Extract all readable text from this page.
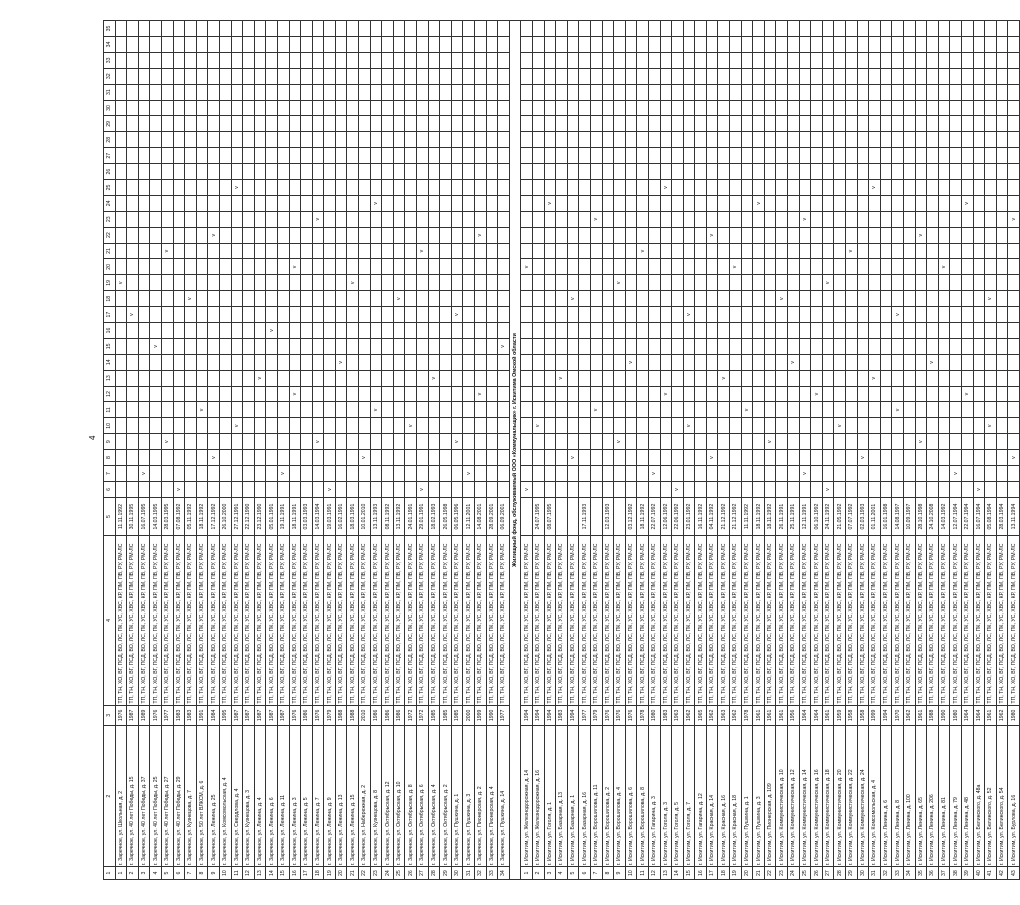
4
1	2	3	4	5	6	7	8	9	10	11	12	13	14	15	16	17	18	19	20	21	22	23	24	25	26	27	28	29	30	31	32	33	34	35
1	г. Заречное, ул. Школьная, д. 2	1976	ТП, ТН, ХО, ВГ, ПСД, ВО, ЛС, ПК, УС, ХВС, КР, ПМ, ПВ, РУ, РМ-ЛС	11.11.1992														v																
2	г. Заречное, ул. 40 лет Победы, д. 15	1987	ТП, ТН, ХО, ВГ, ПСД, ВО, ЛС, ПК, УС, ХВС, КР, ПМ, ПВ, РУ, РМ-ЛС	30.11.1995												v																		
3	г. Заречное, ул. 40 лет Победы, д. 37	1989	ТП, ТН, ХО, ВГ, ПСД, ВО, ЛС, ПК, УС, ХВС, КР, ПМ, ПВ, РУ, РМ-ЛС	16.07.1995		v																												
4	г. Заречное, ул. 40 лет Победы, д. 25	1976	ТП, ТН, ХО, ВГ, ПСД, ВО, ЛС, ПК, УС, ХВС, КР, ПМ, ПВ, РУ, РМ-ЛС	14.03.1995										v																				
5	г. Заречное, ул. 40 лет Победы, д. 27	1977	ТП, ТН, ХО, ВГ, ПСД, ВО, ЛС, ПК, УС, ХВС, КР, ПМ, ПВ, РУ, РМ-ЛС	28.03.1995				v												v														
6	г. Заречное, ул. 40 лет Победы, д. 29	1983	ТП, ТН, ХО, ВГ, ПСД, ВО, ЛС, ПК, УС, ХВС, КР, ПМ, ПВ, РУ, РМ-ЛС	07.08.1992	v																													
7	г. Заречное, ул. Кузнецова, д. 7	1983	ТП, ТН, ХО, ВГ, ПСД, ВО, ЛС, ПК, УС, ХВС, КР, ПМ, ПВ, РУ, РМ-ЛС	05.11.1992													v																	
8	г. Заречное, ул. 50 лет ВЛКСМ, д. 6	1991	ТП, ТН, ХО, ВГ, ПСД, ВО, ЛС, ПК, УС, ХВС, КР, ПМ, ПВ, РУ, РМ-ЛС	18.11.1992						v																								
9	г. Заречное, ул. Ленина, д. 25	1984	ТП, ТН, ХО, ВГ, ПСД, ВО, ЛС, ПК, УС, ХВС, КР, ПМ, ПВ, РУ, РМ-ЛС	17.12.1992			v														v													
10	г. Заречное, ул. Комсомольская, д. 4	1995	ТП, ТН, ХО, ВГ, ПСД, ВО, ЛС, ПК, УС, ХВС, КР, ПМ, ПВ, РУ, РМ-ЛС	26.10.2000																														
11	г. Заречное, ул. Свердлова, д. 4	1987	ТП, ТН, ХО, ВГ, ПСД, ВО, ЛС, ПК, УС, ХВС, КР, ПМ, ПВ, РУ, РМ-ЛС	27.12.1991					v															v										
12	г. Заречное, ул. Кузнецова, д. 3	1987	ТП, ТН, ХО, ВГ, ПСД, ВО, ЛС, ПК, УС, ХВС, КР, ПМ, ПВ, РУ, РМ-ЛС	22.12.1990																														
13	г. Заречное, ул. Ленина, д. 4	1987	ТП, ТН, ХО, ВГ, ПСД, ВО, ЛС, ПК, УС, ХВС, КР, ПМ, ПВ, РУ, РМ-ЛС	23.12.1990								v																						
14	г. Заречное, ул. Ленина, д. 6	1987	ТП, ТН, ХО, ВГ, ПСД, ВО, ЛС, ПК, УС, ХВС, КР, ПМ, ПВ, РУ, РМ-ЛС	05.01.1991											v																			
15	г. Заречное, ул. Ленина, д. 11	1987	ТП, ТН, ХО, ВГ, ПСД, ВО, ЛС, ПК, УС, ХВС, КР, ПМ, ПВ, РУ, РМ-ЛС	19.11.1991		v																												
16	г. Заречное, ул. Ленина, д. 3	1976	ТП, ТН, ХО, ВГ, ПСД, ВО, ЛС, ПК, УС, ХВС, КР, ПМ, ПВ, РУ, РМ-ЛС	18.11.1991							v								v															
17	г. Заречное, ул. Ленина, д. 5	1986	ТП, ТН, ХО, ВГ, ПСД, ВО, ЛС, ПК, УС, ХВС, КР, ПМ, ПВ, РУ, РМ-ЛС	03.03.1993																														
18	г. Заречное, ул. Ленина, д. 7	1976	ТП, ТН, ХО, ВГ, ПСД, ВО, ЛС, ПК, УС, ХВС, КР, ПМ, ПВ, РУ, РМ-ЛС	14.03.1994				v														v												
19	г. Заречное, ул. Ленина, д. 9	1979	ТП, ТН, ХО, ВГ, ПСД, ВО, ЛС, ПК, УС, ХВС, КР, ПМ, ПВ, РУ, РМ-ЛС	19.03.1991	v																													
20	г. Заречное, ул. Ленина, д. 13	1988	ТП, ТН, ХО, ВГ, ПСД, ВО, ЛС, ПК, УС, ХВС, КР, ПМ, ПВ, РУ, РМ-ЛС	16.02.1991									v																					
21	г. Заречное, ул. Ленина, д. 15	1988	ТП, ТН, ХО, ВГ, ПСД, ВО, ЛС, ПК, УС, ХВС, КР, ПМ, ПВ, РУ, РМ-ЛС	18.03.1991														v																
22	г. Заречное, ул. Набережная, д. 2	2010	ТП, ТН, ХО, ВГ, ПСД, ВО, ЛС, ПК, УС, ХВС, КР, ПМ, ПВ, РУ, РМ-ЛС	10.01.2010			v																											
23	г. Заречное, ул. Кузнецова, д. 8	1986	ТП, ТН, ХО, ВГ, ПСД, ВО, ЛС, ПК, УС, ХВС, КР, ПМ, ПВ, РУ, РМ-ЛС	13.11.1993						v													v											
24	г. Заречное, ул. Октябрьская, д. 12	1986	ТП, ТН, ХО, ВГ, ПСД, ВО, ЛС, ПК, УС, ХВС, КР, ПМ, ПВ, РУ, РМ-ЛС	08.11.1992																														
25	г. Заречное, ул. Октябрьская, д. 10	1986	ТП, ТН, ХО, ВГ, ПСД, ВО, ЛС, ПК, УС, ХВС, КР, ПМ, ПВ, РУ, РМ-ЛС	13.11.1992													v																	
26	г. Заречное, ул. Октябрьская, д. 8	1972	ТП, ТН, ХО, ВГ, ПСД, ВО, ЛС, ПК, УС, ХВС, КР, ПМ, ПВ, РУ, РМ-ЛС	24.01.1991					v																									
27	г. Заречное, ул. Октябрьская, д. 6	1972	ТП, ТН, ХО, ВГ, ПСД, ВО, ЛС, ПК, УС, ХВС, КР, ПМ, ПВ, РУ, РМ-ЛС	29.01.1991	v															v														
28	г. Заречное, ул. Октябрьская, д. 4	1985	ТП, ТН, ХО, ВГ, ПСД, ВО, ЛС, ПК, УС, ХВС, КР, ПМ, ПВ, РУ, РМ-ЛС	18.02.1993								v																						
29	г. Заречное, ул. Октябрьская, д. 2	1985	ТП, ТН, ХО, ВГ, ПСД, ВО, ЛС, ПК, УС, ХВС, КР, ПМ, ПВ, РУ, РМ-ЛС	26.05.1998																														
30	г. Заречное, ул. Пушкина, д. 1	1985	ТП, ТН, ХО, ВГ, ПСД, ВО, ЛС, ПК, УС, ХВС, КР, ПМ, ПВ, РУ, РМ-ЛС	06.05.1996				v								v																		
31	г. Заречное, ул. Пушкина, д. 3	2000	ТП, ТН, ХО, ВГ, ПСД, ВО, ЛС, ПК, УС, ХВС, КР, ПМ, ПВ, РУ, РМ-ЛС	12.11.2001		v																												
32	г. Заречное, ул. Пионерская, д. 2	1999	ТП, ТН, ХО, ВГ, ПСД, ВО, ЛС, ПК, УС, ХВС, КР, ПМ, ПВ, РУ, РМ-ЛС	14.08.2001							v										v													
33	г. Заречное, ул. Пионерская, д. 4	1990	ТП, ТН, ХО, ВГ, ПСД, ВО, ЛС, ПК, УС, ХВС, КР, ПМ, ПВ, РУ, РМ-ЛС	28.09.2001																														
34	г. Заречное, ул. Пушкина, д. 14	1977	ТП, ТН, ХО, ВГ, ПСД, ВО, ЛС, ПК, УС, ХВС, КР, ПМ, ПВ, РУ, РМ-ЛС	06.09.2001										v																				
Жилищный фонд, обслуживаемый ООО «Коммунальщик» г. Искитима Омской области																																		
1	г. Искитим, ул. Железнодорожная, д. 14	1994	ТП, ТН, ХО, ВГ, ПСД, ВО, ЛС, ПК, УС, ХВС, КР, ПМ, ПВ, РУ, РМ-ЛС		v														v															
2	г. Искитим, ул. Железнодорожная, д. 16	1994	ТП, ТН, ХО, ВГ, ПСД, ВО, ЛС, ПК, УС, ХВС, КР, ПМ, ПВ, РУ, РМ-ЛС	24.07.1995					v																									
3	г. Искитим, ул. Гоголя, д. 1	1994	ТП, ТН, ХО, ВГ, ПСД, ВО, ЛС, ПК, УС, ХВС, КР, ПМ, ПВ, РУ, РМ-ЛС	08.07.1995																			v											
4	г. Искитим, ул. Базарная, д. 13	1983	ТП, ТН, ХО, ВГ, ПСД, ВО, ЛС, ПК, УС, ХВС, КР, ПМ, ПВ, РУ, РМ-ЛС									v																						
5	г. Искитим, ул. Базарная, д. 1	1994	ТП, ТН, ХО, ВГ, ПСД, ВО, ЛС, ПК, УС, ХВС, КР, ПМ, ПВ, РУ, РМ-ЛС				v										v																	
6	г. Искитим, ул. Базарная, д. 16	1977	ТП, ТН, ХО, ВГ, ПСД, ВО, ЛС, ПК, УС, ХВС, КР, ПМ, ПВ, РУ, РМ-ЛС	17.11.1993																														
7	г. Искитим, ул. Ворошилова, д. 11	1979	ТП, ТН, ХО, ВГ, ПСД, ВО, ЛС, ПК, УС, ХВС, КР, ПМ, ПВ, РУ, РМ-ЛС							v												v												
8	г. Искитим, ул. Ворошилова, д. 2	1976	ТП, ТН, ХО, ВГ, ПСД, ВО, ЛС, ПК, УС, ХВС, КР, ПМ, ПВ, РУ, РМ-ЛС	12.03.1993																														
9	г. Искитим, ул. Ворошилова, д. 4	1976	ТП, ТН, ХО, ВГ, ПСД, ВО, ЛС, ПК, УС, ХВС, КР, ПМ, ПВ, РУ, РМ-ЛС					v										v																
10	г. Искитим, ул. Ворошилова, д. 6	1976	ТП, ТН, ХО, ВГ, ПСД, ВО, ЛС, ПК, УС, ХВС, КР, ПМ, ПВ, РУ, РМ-ЛС	03.12.1992									v																					
11	г. Искитим, ул. Ворошилова, д. 8	1978	ТП, ТН, ХО, ВГ, ПСД, ВО, ЛС, ПК, УС, ХВС, КР, ПМ, ПВ, РУ, РМ-ЛС	18.11.1992																v														
12	г. Искитим, ул. Гагарина, д. 3	1980	ТП, ТН, ХО, ВГ, ПСД, ВО, ЛС, ПК, УС, ХВС, КР, ПМ, ПВ, РУ, РМ-ЛС	22.07.1992		v																												
13	г. Искитим, ул. Гоголя, д. 3	1983	ТП, ТН, ХО, ВГ, ПСД, ВО, ЛС, ПК, УС, ХВС, КР, ПМ, ПВ, РУ, РМ-ЛС	12.06.1992							v													v										
14	г. Искитим, ул. Гоголя, д. 5	1963	ТП, ТН, ХО, ВГ, ПСД, ВО, ЛС, ПК, УС, ХВС, КР, ПМ, ПВ, РУ, РМ-ЛС	22.06.1992	v																													
15	г. Искитим, ул. Гоголя, д. 7	1962	ТП, ТН, ХО, ВГ, ПСД, ВО, ЛС, ПК, УС, ХВС, КР, ПМ, ПВ, РУ, РМ-ЛС	23.01.1992					v							v																		
16	г. Искитим, ул. Гагарина, д. 12	1965	ТП, ТН, ХО, ВГ, ПСД, ВО, ЛС, ПК, УС, ХВС, КР, ПМ, ПВ, РУ, РМ-ЛС	16.11.1992																														
17	г. Искитим, ул. Красная, д. 14	1962	ТП, ТН, ХО, ВГ, ПСД, ВО, ЛС, ПК, УС, ХВС, КР, ПМ, ПВ, РУ, РМ-ЛС	04.11.1992			v														v													
18	г. Искитим, ул. Красная, д. 16	1963	ТП, ТН, ХО, ВГ, ПСД, ВО, ЛС, ПК, УС, ХВС, КР, ПМ, ПВ, РУ, РМ-ЛС	21.12.1992								v																						
19	г. Искитим, ул. Красная, д. 18	1962	ТП, ТН, ХО, ВГ, ПСД, ВО, ЛС, ПК, УС, ХВС, КР, ПМ, ПВ, РУ, РМ-ЛС	21.12.1992															v															
20	г. Искитим, ул. Пушкина, д. 1	1978	ТП, ТН, ХО, ВГ, ПСД, ВО, ЛС, ПК, УС, ХВС, КР, ПМ, ПВ, РУ, РМ-ЛС	11.11.1992						v																								
21	г. Искитим, ул. Пушкина, д. 3	1961	ТП, ТН, ХО, ВГ, ПСД, ВО, ЛС, ПК, УС, ХВС, КР, ПМ, ПВ, РУ, РМ-ЛС	18.11.1992																			v											
22	г. Искитим, ул. Пионерская, д. 109	1961	ТП, ТН, ХО, ВГ, ПСД, ВО, ЛС, ПК, УС, ХВС, КР, ПМ, ПВ, РУ, РМ-ЛС	18.11.1992				v																										
23	г. Искитим, ул. Коммунистическая, д. 10	1961	ТП, ТН, ХО, ВГ, ПСД, ВО, ЛС, ПК, УС, ХВС, КР, ПМ, ПВ, РУ, РМ-ЛС	26.11.1991													v																	
24	г. Искитим, ул. Коммунистическая, д. 12	1956	ТП, ТН, ХО, ВГ, ПСД, ВО, ЛС, ПК, УС, ХВС, КР, ПМ, ПВ, РУ, РМ-ЛС	25.11.1991									v																					
25	г. Искитим, ул. Коммунистическая, д. 14	1964	ТП, ТН, ХО, ВГ, ПСД, ВО, ЛС, ПК, УС, ХВС, КР, ПМ, ПВ, РУ, РМ-ЛС	12.11.1991		v																v												
26	г. Искитим, ул. Коммунистическая, д. 16	1964	ТП, ТН, ХО, ВГ, ПСД, ВО, ЛС, ПК, УС, ХВС, КР, ПМ, ПВ, РУ, РМ-ЛС	06.10.1992							v																							
27	г. Искитим, ул. Коммунистическая, д. 18	1961	ТП, ТН, ХО, ВГ, ПСД, ВО, ЛС, ПК, УС, ХВС, КР, ПМ, ПВ, РУ, РМ-ЛС	24.11.1992	v													v																
28	г. Искитим, ул. Коммунистическая, д. 20	1959	ТП, ТН, ХО, ВГ, ПСД, ВО, ЛС, ПК, УС, ХВС, КР, ПМ, ПВ, РУ, РМ-ЛС	21.05.1992					v																									
29	г. Искитим, ул. Коммунистическая, д. 22	1958	ТП, ТН, ХО, ВГ, ПСД, ВО, ЛС, ПК, УС, ХВС, КР, ПМ, ПВ, РУ, РМ-ЛС	07.07.1992																v														
30	г. Искитим, ул. Коммунистическая, д. 24	1958	ТП, ТН, ХО, ВГ, ПСД, ВО, ЛС, ПК, УС, ХВС, КР, ПМ, ПВ, РУ, РМ-ЛС	02.03.1993			v																											
31	г. Искитим, ул. Комсомольская, д. 4	1999	ТП, ТН, ХО, ВГ, ПСД, ВО, ЛС, ПК, УС, ХВС, КР, ПМ, ПВ, РУ, РМ-ЛС	01.11.2001								v												v										
32	г. Искитим, ул. Ленина, д. 6	1994	ТП, ТН, ХО, ВГ, ПСД, ВО, ЛС, ПК, УС, ХВС, КР, ПМ, ПВ, РУ, РМ-ЛС	16.01.1998																														
33	г. Искитим, ул. Ленина, д. 8	1970	ТП, ТН, ХО, ВГ, ПСД, ВО, ЛС, ПК, УС, ХВС, КР, ПМ, ПВ, РУ, РМ-ЛС	14.08.1997						v						v																		
34	г. Искитим, ул. Ленина, д. 100	1962	ТП, ТН, ХО, ВГ, ПСД, ВО, ЛС, ПК, УС, ХВС, КР, ПМ, ПВ, РУ, РМ-ЛС	10.09.1997																														
35	г. Искитим, ул. Ленина, д. 65	1961	ТП, ТН, ХО, ВГ, ПСД, ВО, ЛС, ПК, УС, ХВС, КР, ПМ, ПВ, РУ, РМ-ЛС	28.10.1998				v													v													
36	г. Искитим, ул. Ленина, д. 206	1988	ТП, ТН, ХО, ВГ, ПСД, ВО, ЛС, ПК, УС, ХВС, КР, ПМ, ПВ, РУ, РМ-ЛС	24.10.2008									v																					
37	г. Искитим, ул. Ленина, д. 81	1990	ТП, ТН, ХО, ВГ, ПСД, ВО, ЛС, ПК, УС, ХВС, КР, ПМ, ПВ, РУ, РМ-ЛС	14.03.1992															v															
38	г. Искитим, ул. Ленина, д. 79	1980	ТП, ТН, ХО, ВГ, ПСД, ВО, ЛС, ПК, УС, ХВС, КР, ПМ, ПВ, РУ, РМ-ЛС	12.07.1994		v																												
39	г. Искитим, ул. Ленина, д. 48	1964	ТП, ТН, ХО, ВГ, ПСД, ВО, ЛС, ПК, УС, ХВС, КР, ПМ, ПВ, РУ, РМ-ЛС	22.07.1994							v												v											
40	г. Искитим, ул. Белинского, д. 48а	1964	ТП, ТН, ХО, ВГ, ПСД, ВО, ЛС, ПК, УС, ХВС, КР, ПМ, ПВ, РУ, РМ-ЛС	16.07.1994	v																													
41	г. Искитим, ул. Белинского, д. 52	1961	ТП, ТН, ХО, ВГ, ПСД, ВО, ЛС, ПК, УС, ХВС, КР, ПМ, ПВ, РУ, РМ-ЛС	05.08.1994					v								v																	
42	г. Искитим, ул. Белинского, д. 54	1962	ТП, ТН, ХО, ВГ, ПСД, ВО, ЛС, ПК, УС, ХВС, КР, ПМ, ПВ, РУ, РМ-ЛС	28.03.1994																														
43	г. Искитим, ул. Бурлова, д. 16	1980	ТП, ТН, ХО, ВГ, ПСД, ВО, ЛС, ПК, УС, ХВС, КР, ПМ, ПВ, РУ, РМ-ЛС	13.11.1994			v															v												
